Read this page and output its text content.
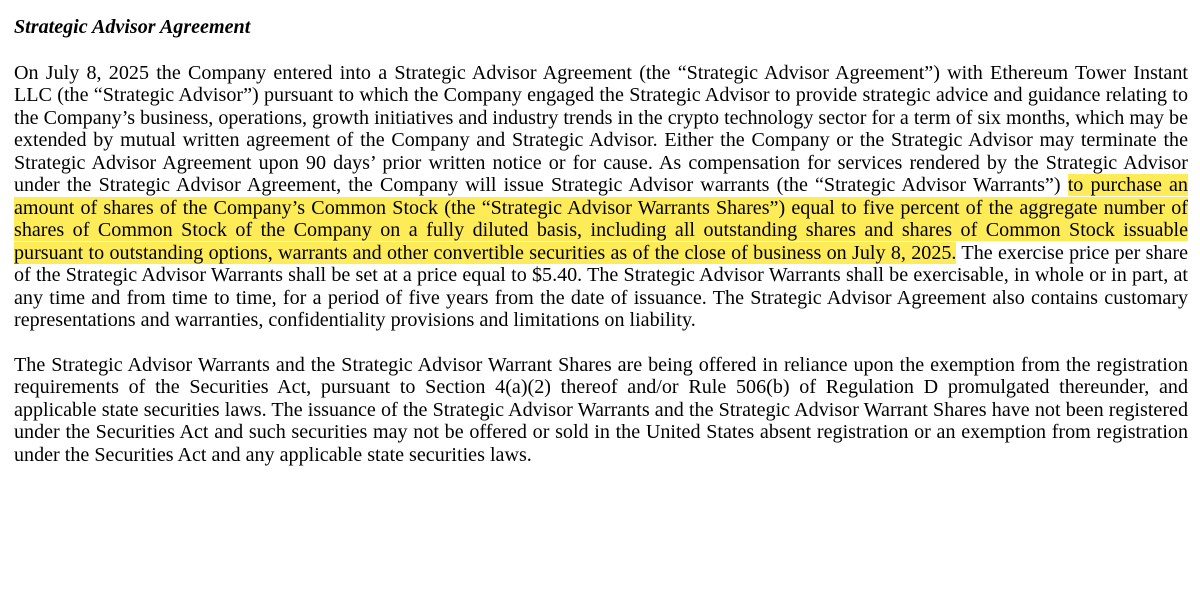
Strategic Advisor Agreement

On July 8, 2025 the Company entered into a Strategic Advisor Agreement (the “Strategic Advisor Agreement”) with Ethereum Tower Instant LLC (the “Strategic Advisor”) pursuant to which the Company engaged the Strategic Advisor to provide strategic advice and guidance relating to the Company’s business, operations, growth initiatives and industry trends in the crypto technology sector for a term of six months, which may be extended by mutual written agreement of the Company and Strategic Advisor. Either the Company or the Strategic Advisor may terminate the Strategic Advisor Agreement upon 90 days’ prior written notice or for cause. As compensation for services rendered by the Strategic Advisor under the Strategic Advisor Agreement, the Company will issue Strategic Advisor warrants (the “Strategic Advisor Warrants”) to purchase an amount of shares of the Company’s Common Stock (the “Strategic Advisor Warrants Shares”) equal to five percent of the aggregate number of shares of Common Stock of the Company on a fully diluted basis, including all outstanding shares and shares of Common Stock issuable pursuant to outstanding options, warrants and other convertible securities as of the close of business on July 8, 2025. The exercise price per share of the Strategic Advisor Warrants shall be set at a price equal to $5.40. The Strategic Advisor Warrants shall be exercisable, in whole or in part, at any time and from time to time, for a period of five years from the date of issuance. The Strategic Advisor Agreement also contains customary representations and warranties, confidentiality provisions and limitations on liability.

The Strategic Advisor Warrants and the Strategic Advisor Warrant Shares are being offered in reliance upon the exemption from the registration requirements of the Securities Act, pursuant to Section 4(a)(2) thereof and/or Rule 506(b) of Regulation D promulgated thereunder, and applicable state securities laws. The issuance of the Strategic Advisor Warrants and the Strategic Advisor Warrant Shares have not been registered under the Securities Act and such securities may not be offered or sold in the United States absent registration or an exemption from registration under the Securities Act and any applicable state securities laws.
